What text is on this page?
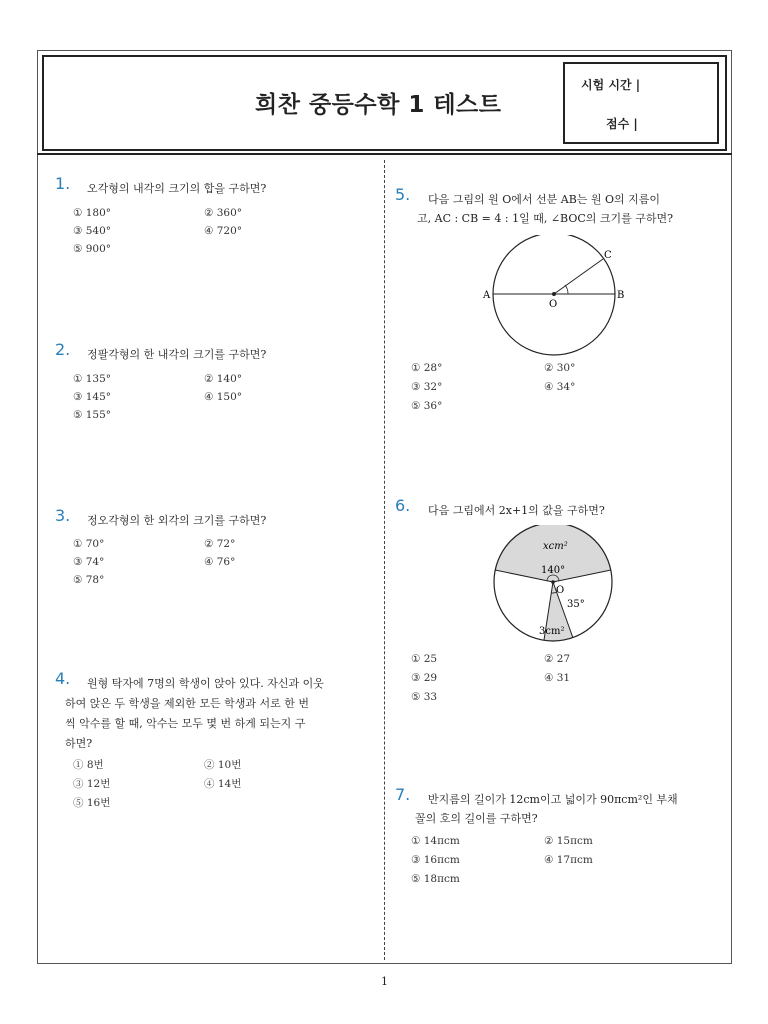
희찬 중등수학 1 테스트
시험 시간 |
점수 |
1. 오각형의 내각의 크기의 합을 구하면?
① 180°	② 360°
③ 540°	④ 720°
⑤ 900°
2. 정팔각형의 한 내각의 크기를 구하면?
① 135°	② 140°
③ 145°	④ 150°
⑤ 155°
3. 정오각형의 한 외각의 크기를 구하면?
① 70°	② 72°
③ 74°	④ 76°
⑤ 78°
4. 원형 탁자에 7명의 학생이 앉아 있다. 자신과 이웃
하여 앉은 두 학생을 제외한 모든 학생과 서로 한 번
씩 악수를 할 때, 악수는 모두 몇 번 하게 되는지 구
하면?
① 8번	② 10번
③ 12번	④ 14번
⑤ 16번
5. 다음 그림의 원 O에서 선분 AB는 원 O의 지름이
고, AC : CB = 4 : 1일 때, ∠BOC의 크기를 구하면?
A	B
C
O
① 28°	② 30°
③ 32°	④ 34°
⑤ 36°
6. 다음 그림에서 2x+1의 값을 구하면?
xcm²
140°
O
35°
3cm²
① 25	② 27
③ 29	④ 31
⑤ 33
7. 반지름의 길이가 12cm이고 넓이가 90πcm²인 부채
꼴의 호의 길이를 구하면?
① 14πcm	② 15πcm
③ 16πcm	④ 17πcm
⑤ 18πcm
1
